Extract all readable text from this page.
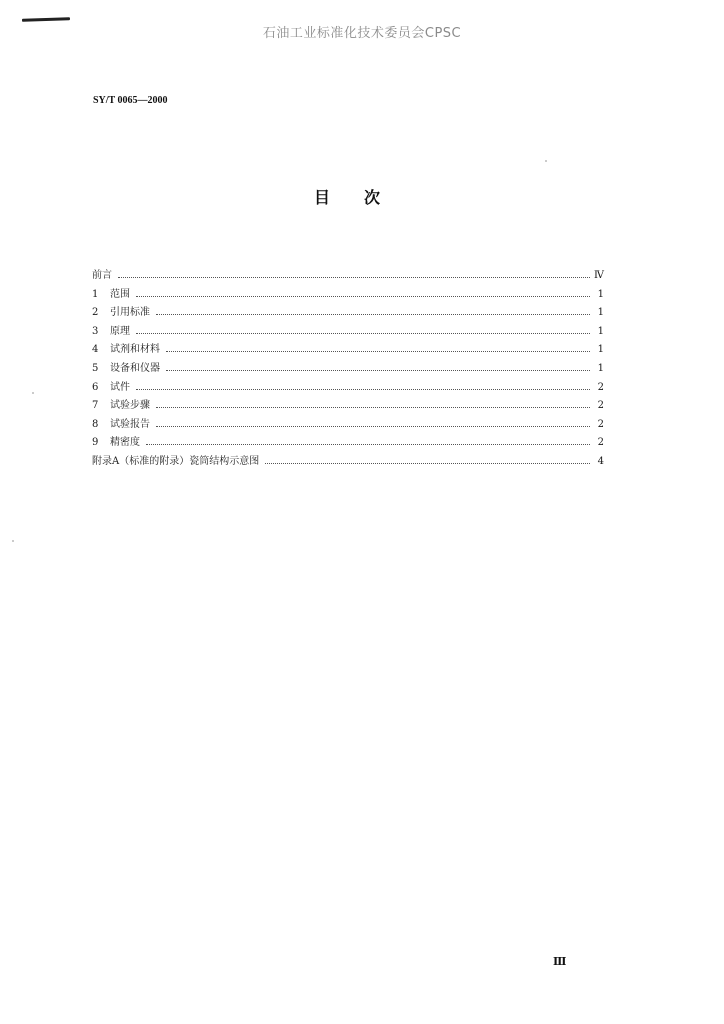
石油工业标准化技术委员会CPSC
SY/T 0065—2000
目次
前言	Ⅳ
1	范围	1
2	引用标准	1
3	原理	1
4	试剂和材料	1
5	设备和仪器	1
6	试件	2
7	试验步骤	2
8	试验报告	2
9	精密度	2
附录A（标准的附录）瓷筒结构示意图	4
Ⅲ
